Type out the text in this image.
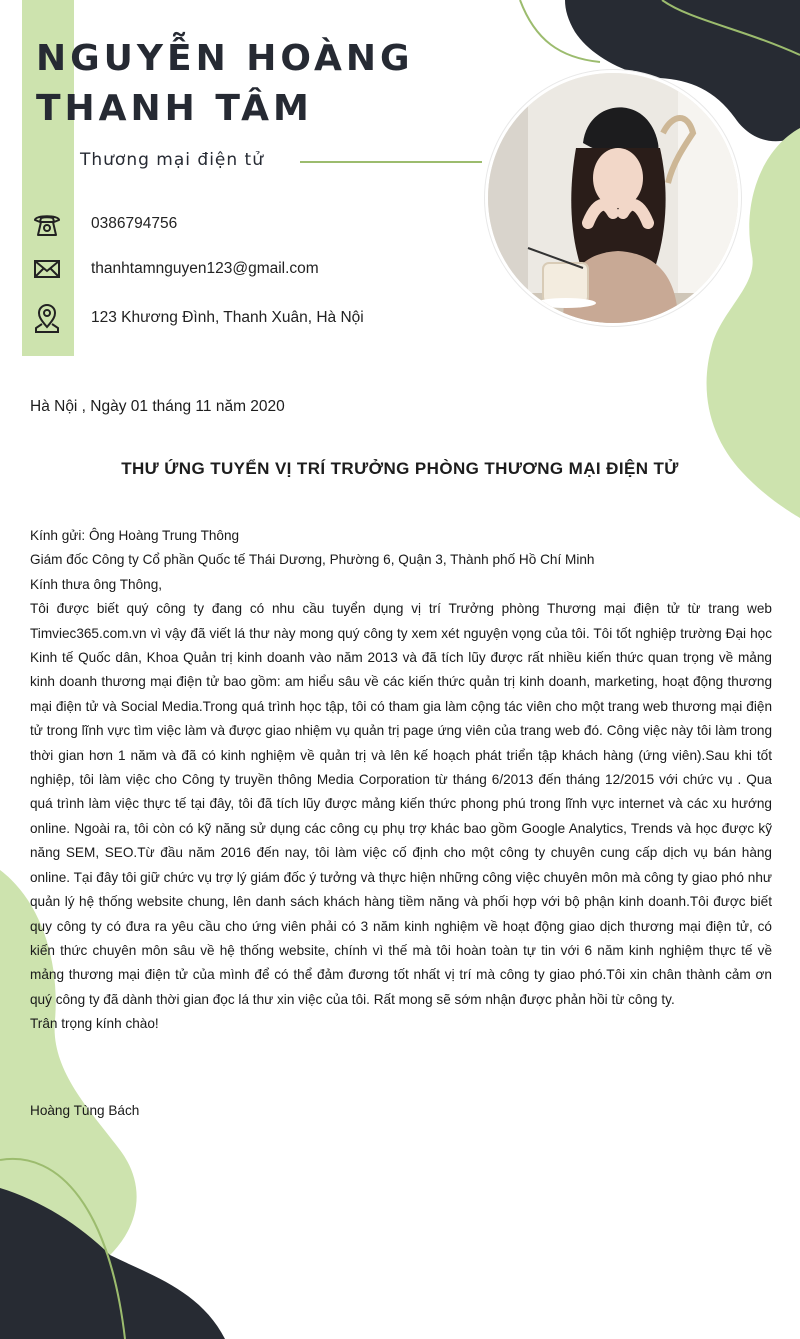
NGUYỄN HOÀNG
THANH TÂM
Thương mại điện tử
0386794756
thanhtamnguyen123@gmail.com
123 Khương Đình, Thanh Xuân, Hà Nội
Hà Nội , Ngày 01 tháng 11 năm 2020
THƯ ỨNG TUYỂN VỊ TRÍ TRƯỞNG PHÒNG THƯƠNG MẠI ĐIỆN TỬ

Kính gửi: Ông Hoàng Trung Thông

Giám đốc Công ty Cổ phần Quốc tế Thái Dương, Phường 6, Quận 3, Thành phố Hồ Chí Minh

Kính thưa ông Thông,

Tôi được biết quý công ty đang có nhu cầu tuyển dụng vị trí Trưởng phòng Thương mại điện tử từ trang web Timviec365.com.vn vì vậy đã viết lá thư này mong quý công ty xem xét nguyện vọng của tôi. Tôi tốt nghiệp trường Đại học Kinh tế Quốc dân, Khoa Quản trị kinh doanh vào năm 2013 và đã tích lũy được rất nhiều kiến thức quan trọng về mảng kinh doanh thương mại điện tử bao gồm: am hiểu sâu về các kiến thức quản trị kinh doanh, marketing, hoạt động thương mại điện tử và Social Media.Trong quá trình học tập, tôi có tham gia làm cộng tác viên cho một trang web thương mại điện tử trong lĩnh vực tìm việc làm và được giao nhiệm vụ quản trị page ứng viên của trang web đó. Công việc này tôi làm trong thời gian hơn 1 năm và đã có kinh nghiệm về quản trị và lên kế hoạch phát triển tập khách hàng (ứng viên).Sau khi tốt nghiệp, tôi làm việc cho Công ty truyền thông Media Corporation từ tháng 6/2013 đến tháng 12/2015 với chức vụ . Qua quá trình làm việc thực tế tại đây, tôi đã tích lũy được mảng kiến thức phong phú trong lĩnh vực internet và các xu hướng online. Ngoài ra, tôi còn có kỹ năng sử dụng các công cụ phụ trợ khác bao gồm Google Analytics, Trends và học được kỹ năng SEM, SEO.Từ đầu năm 2016 đến nay, tôi làm việc cố định cho một công ty chuyên cung cấp dịch vụ bán hàng online. Tại đây tôi giữ chức vụ trợ lý giám đốc ý tưởng và thực hiện những công việc chuyên môn mà công ty giao phó như quản lý hệ thống website chung, lên danh sách khách hàng tiềm năng và phối hợp với bộ phận kinh doanh.Tôi được biết quy công ty có đưa ra yêu cầu cho ứng viên phải có 3 năm kinh nghiệm về hoạt động giao dịch thương mại điện tử, có kiến thức chuyên môn sâu về hệ thống website, chính vì thế mà tôi hoàn toàn tự tin với 6 năm kinh nghiệm thực tế về mảng thương mại điện tử của mình để có thể đảm đương tốt nhất vị trí mà công ty giao phó.Tôi xin chân thành cảm ơn quý công ty đã dành thời gian đọc lá thư xin việc của tôi. Rất mong sẽ sớm nhận được phản hồi từ công ty.

Trân trọng kính chào!

Hoàng Tùng Bách
